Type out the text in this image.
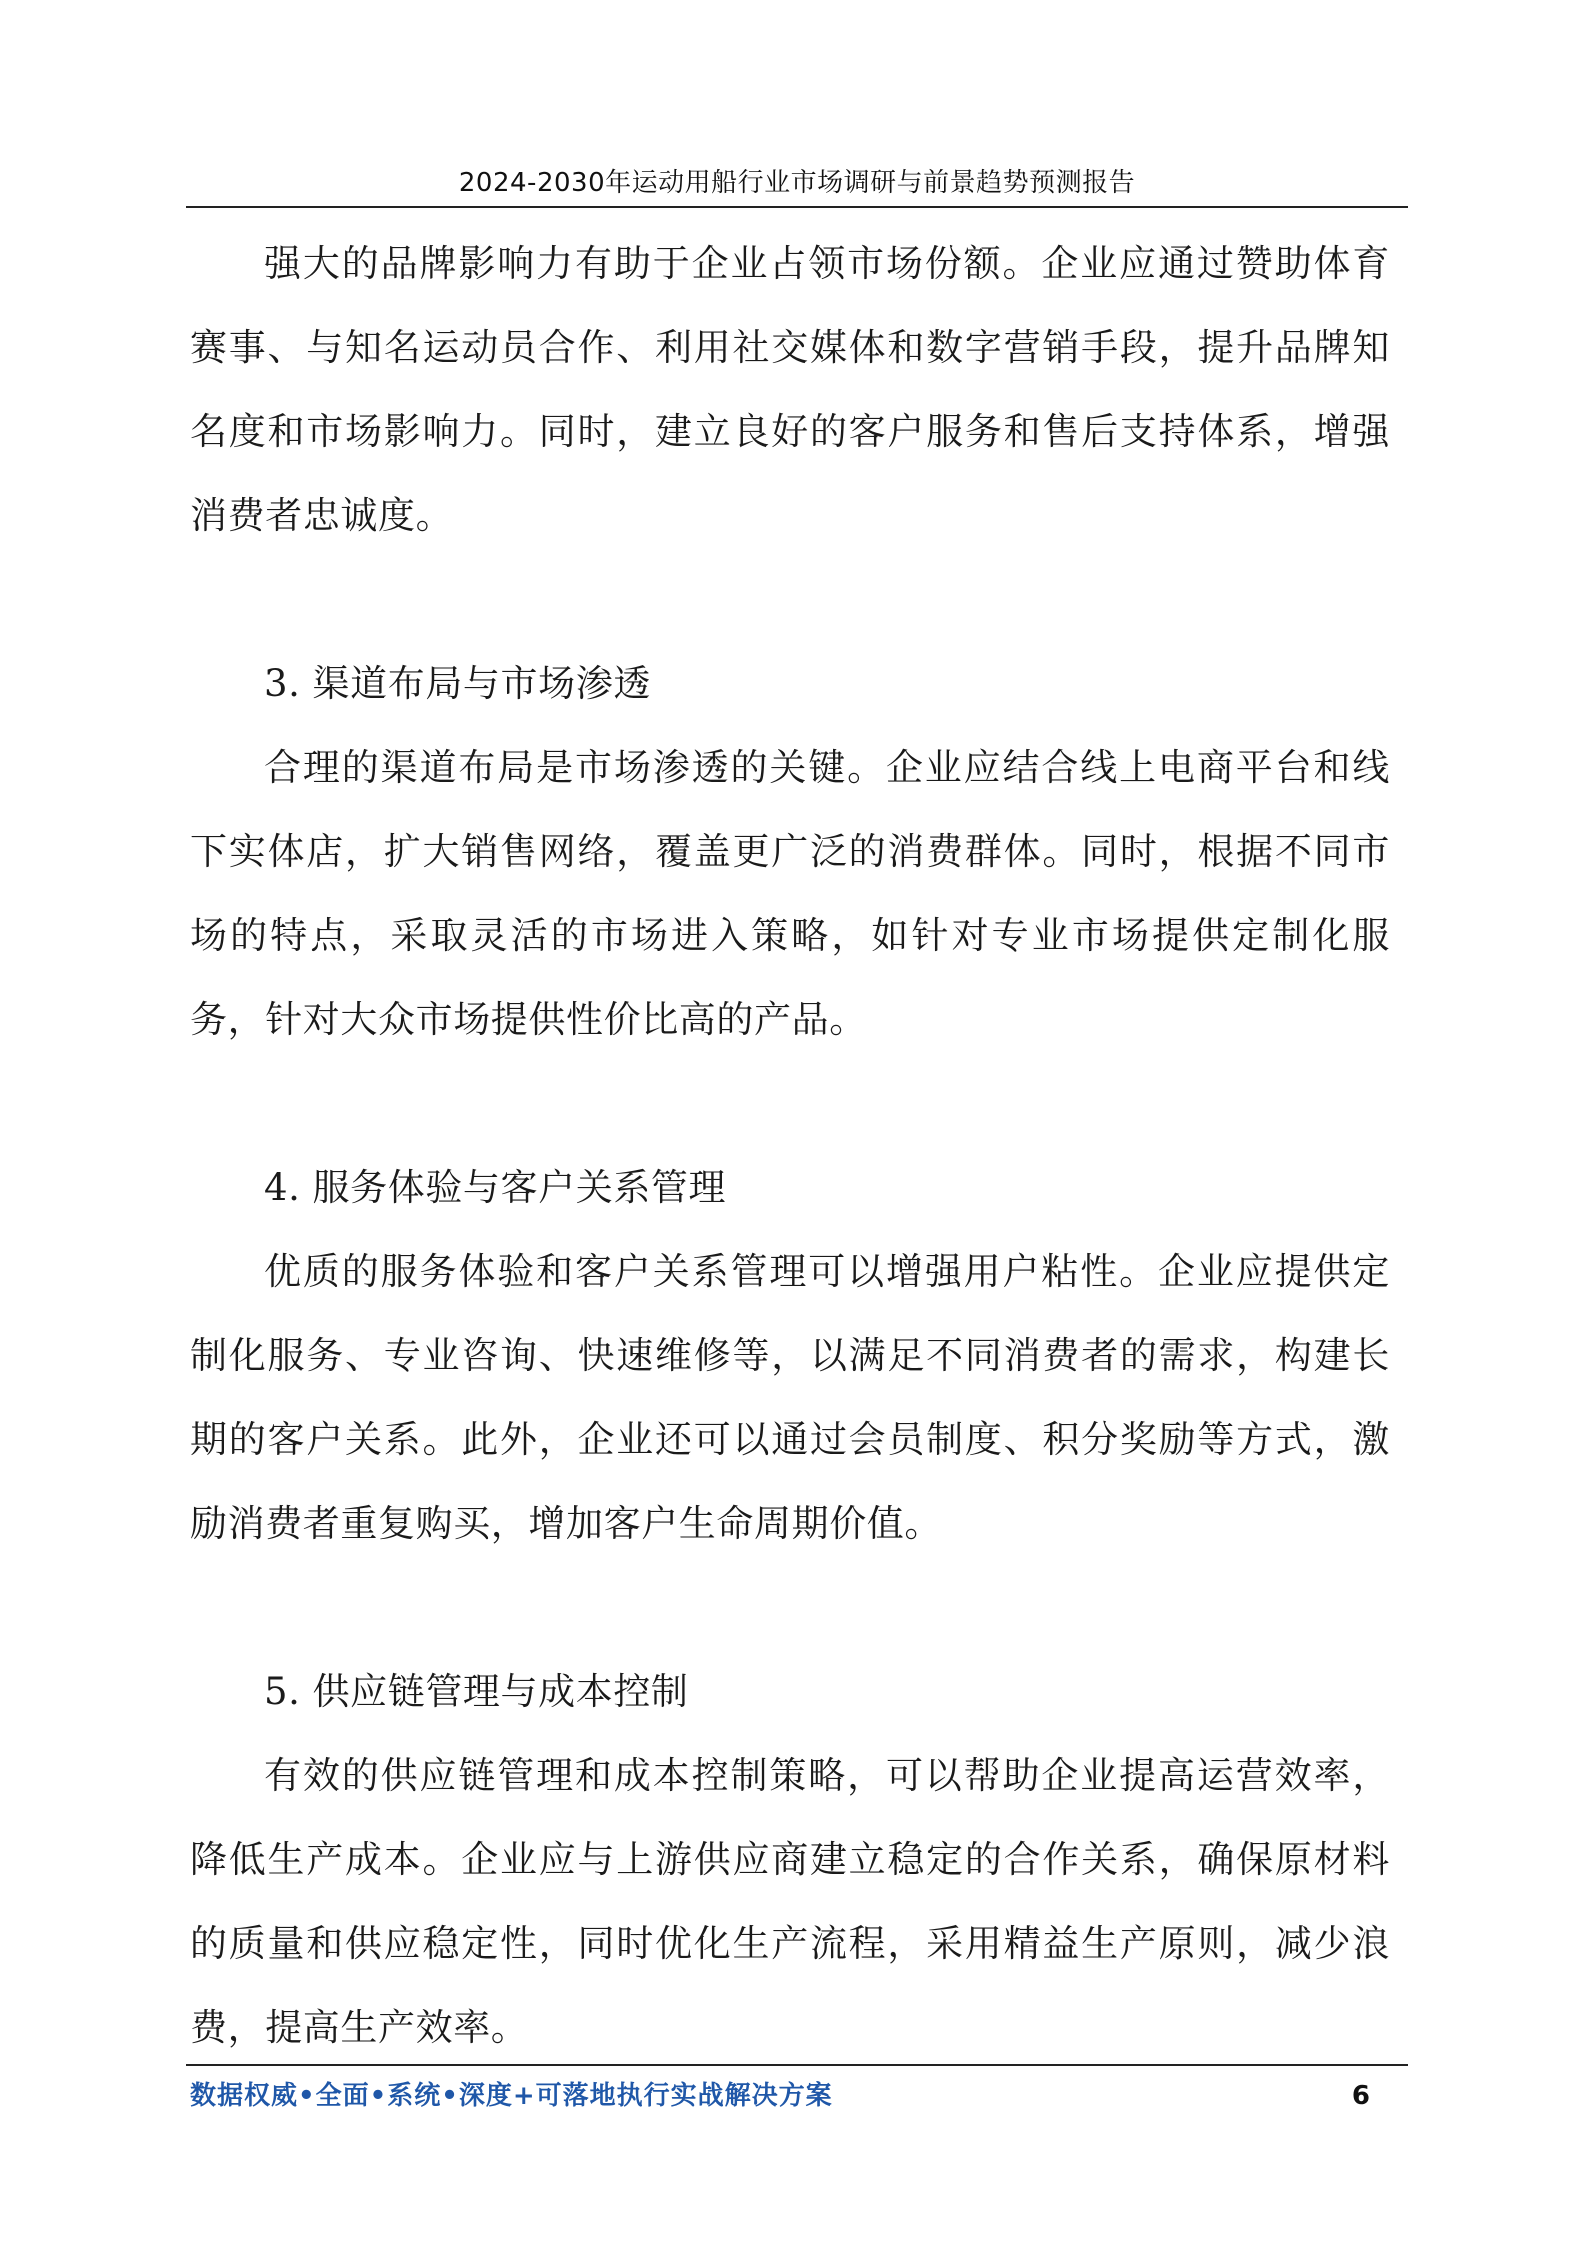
2024-2030年运动用船行业市场调研与前景趋势预测报告

强大的品牌影响力有助于企业占领市场份额。企业应通过赞助体育赛事、与知名运动员合作、利用社交媒体和数字营销手段，提升品牌知名度和市场影响力。同时，建立良好的客户服务和售后支持体系，增强消费者忠诚度。

3. 渠道布局与市场渗透

合理的渠道布局是市场渗透的关键。企业应结合线上电商平台和线下实体店，扩大销售网络，覆盖更广泛的消费群体。同时，根据不同市场的特点，采取灵活的市场进入策略，如针对专业市场提供定制化服务，针对大众市场提供性价比高的产品。

4. 服务体验与客户关系管理

优质的服务体验和客户关系管理可以增强用户粘性。企业应提供定制化服务、专业咨询、快速维修等，以满足不同消费者的需求，构建长期的客户关系。此外，企业还可以通过会员制度、积分奖励等方式，激励消费者重复购买，增加客户生命周期价值。

5. 供应链管理与成本控制

有效的供应链管理和成本控制策略，可以帮助企业提高运营效率，降低生产成本。企业应与上游供应商建立稳定的合作关系，确保原材料的质量和供应稳定性，同时优化生产流程，采用精益生产原则，减少浪费，提高生产效率。

数据权威•全面•系统•深度+可落地执行实战解决方案	6
